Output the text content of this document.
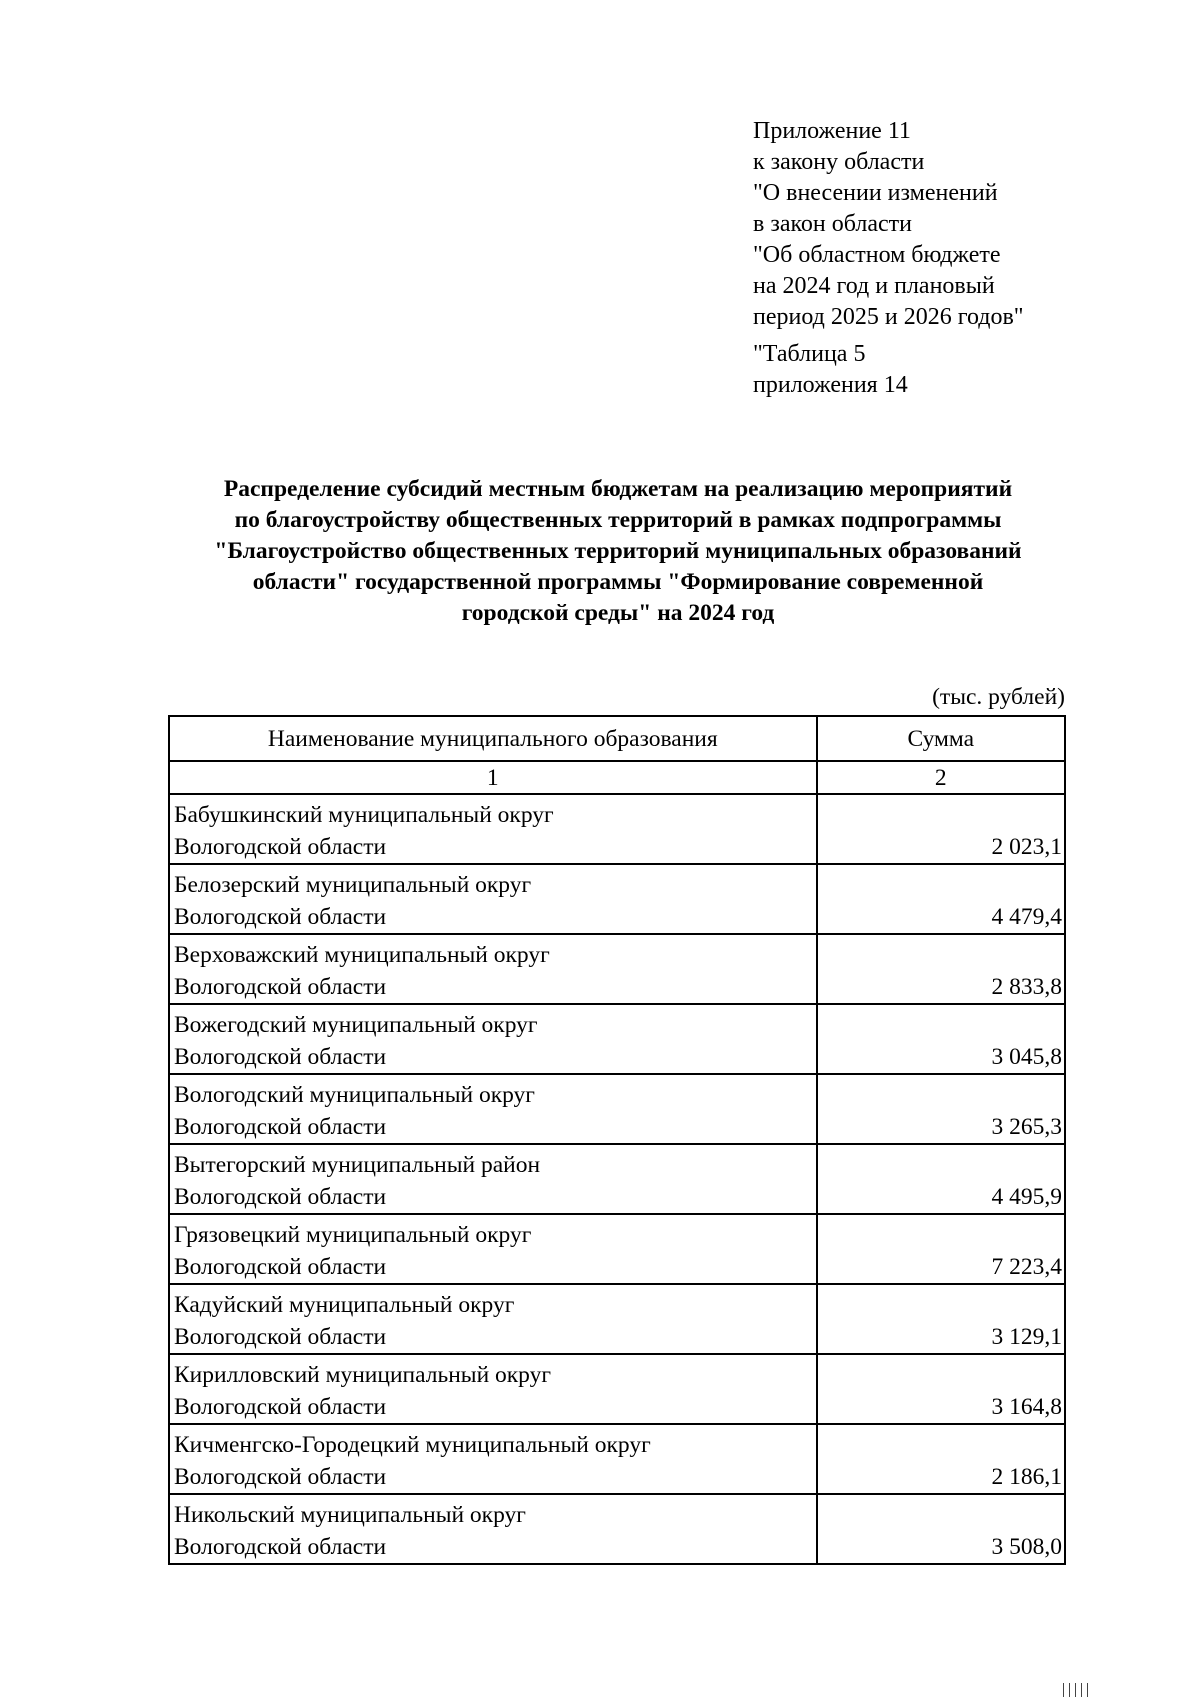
Приложение 11
к закону области
"О внесении изменений
в закон области
"Об областном бюджете
на 2024 год и плановый
период 2025 и 2026 годов"
"Таблица 5
приложения 14
Распределение субсидий местным бюджетам на реализацию мероприятий
по благоустройству общественных территорий в рамках подпрограммы
"Благоустройство общественных территорий муниципальных образований
области" государственной программы "Формирование современной
городской среды" на 2024 год
(тыс. рублей)
Наименование муниципального образования	Сумма
1	2

Бабушкинский муниципальный округ
Вологодской области	2 023,1

Белозерский муниципальный округ
Вологодской области	4 479,4

Верховажский муниципальный округ
Вологодской области	2 833,8

Вожегодский муниципальный округ
Вологодской области	3 045,8

Вологодский муниципальный округ
Вологодской области	3 265,3

Вытегорский муниципальный район
Вологодской области	4 495,9

Грязовецкий муниципальный округ
Вологодской области	7 223,4

Кадуйский муниципальный округ
Вологодской области	3 129,1

Кирилловский муниципальный округ
Вологодской области	3 164,8

Кичменгско-Городецкий муниципальный округ
Вологодской области	2 186,1

Никольский муниципальный округ
Вологодской области	3 508,0
